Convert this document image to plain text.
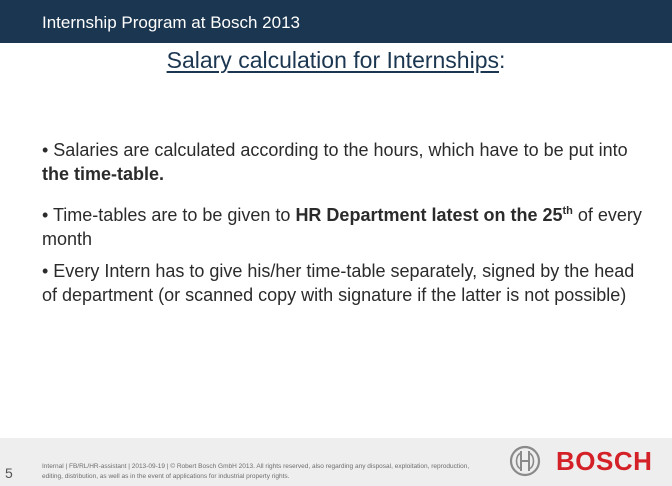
Internship Program at Bosch 2013
Salary calculation for Internships:

• Salaries are calculated according to the hours, which have to be put into the time-table.

• Time-tables are to be given to HR Department latest on the 25th of every month

• Every Intern has to give his/her time-table separately, signed by the head of department (or scanned copy with signature if the latter is not possible)

5	Internal | FB/RL/HR-assistant | 2013-09-19 | © Robert Bosch GmbH 2013. All rights reserved, also regarding any disposal, exploitation, reproduction, editing, distribution, as well as in the event of applications for industrial property rights.
BOSCH
